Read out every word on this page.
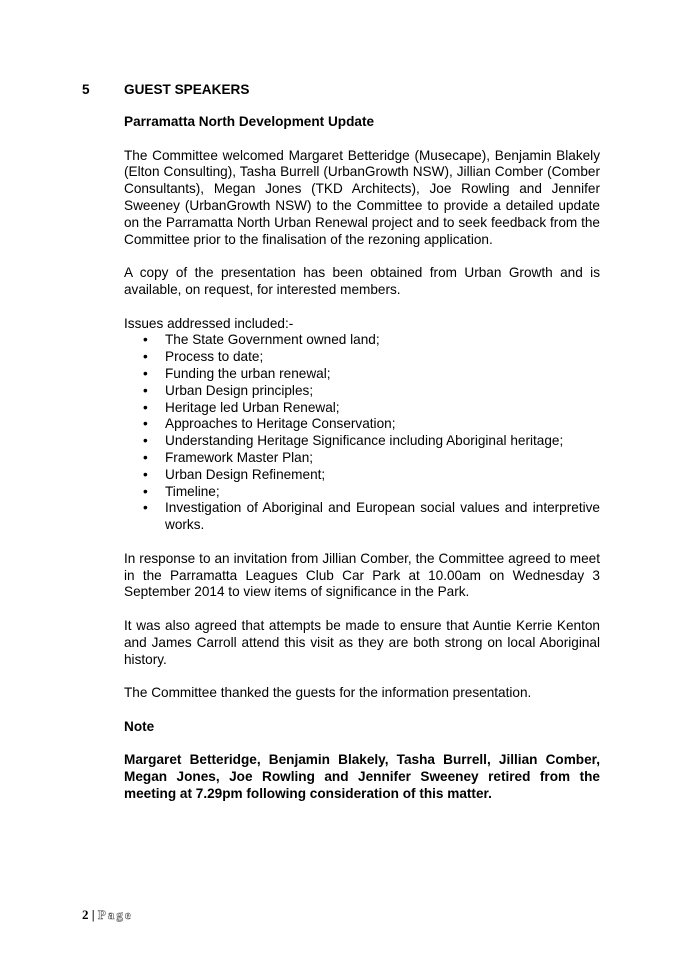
5	GUEST SPEAKERS

Parramatta North Development Update

The Committee welcomed Margaret Betteridge (Musecape), Benjamin Blakely (Elton Consulting), Tasha Burrell (UrbanGrowth NSW), Jillian Comber (Comber Consultants), Megan Jones (TKD Architects), Joe Rowling and Jennifer Sweeney (UrbanGrowth NSW) to the Committee to provide a detailed update on the Parramatta North Urban Renewal project and to seek feedback from the Committee prior to the finalisation of the rezoning application.

A copy of the presentation has been obtained from Urban Growth and is available, on request, for interested members.

Issues addressed included:-

• The State Government owned land;
• Process to date;
• Funding the urban renewal;
• Urban Design principles;
• Heritage led Urban Renewal;
• Approaches to Heritage Conservation;
• Understanding Heritage Significance including Aboriginal heritage;
• Framework Master Plan;
• Urban Design Refinement;
• Timeline;
• Investigation of Aboriginal and European social values and interpretive works.

In response to an invitation from Jillian Comber, the Committee agreed to meet in the Parramatta Leagues Club Car Park at 10.00am on Wednesday 3 September 2014 to view items of significance in the Park.

It was also agreed that attempts be made to ensure that Auntie Kerrie Kenton and James Carroll attend this visit as they are both strong on local Aboriginal history.

The Committee thanked the guests for the information presentation.

Note

Margaret Betteridge, Benjamin Blakely, Tasha Burrell, Jillian Comber, Megan Jones, Joe Rowling and Jennifer Sweeney retired from the meeting at 7.29pm following consideration of this matter.

2 | Page
